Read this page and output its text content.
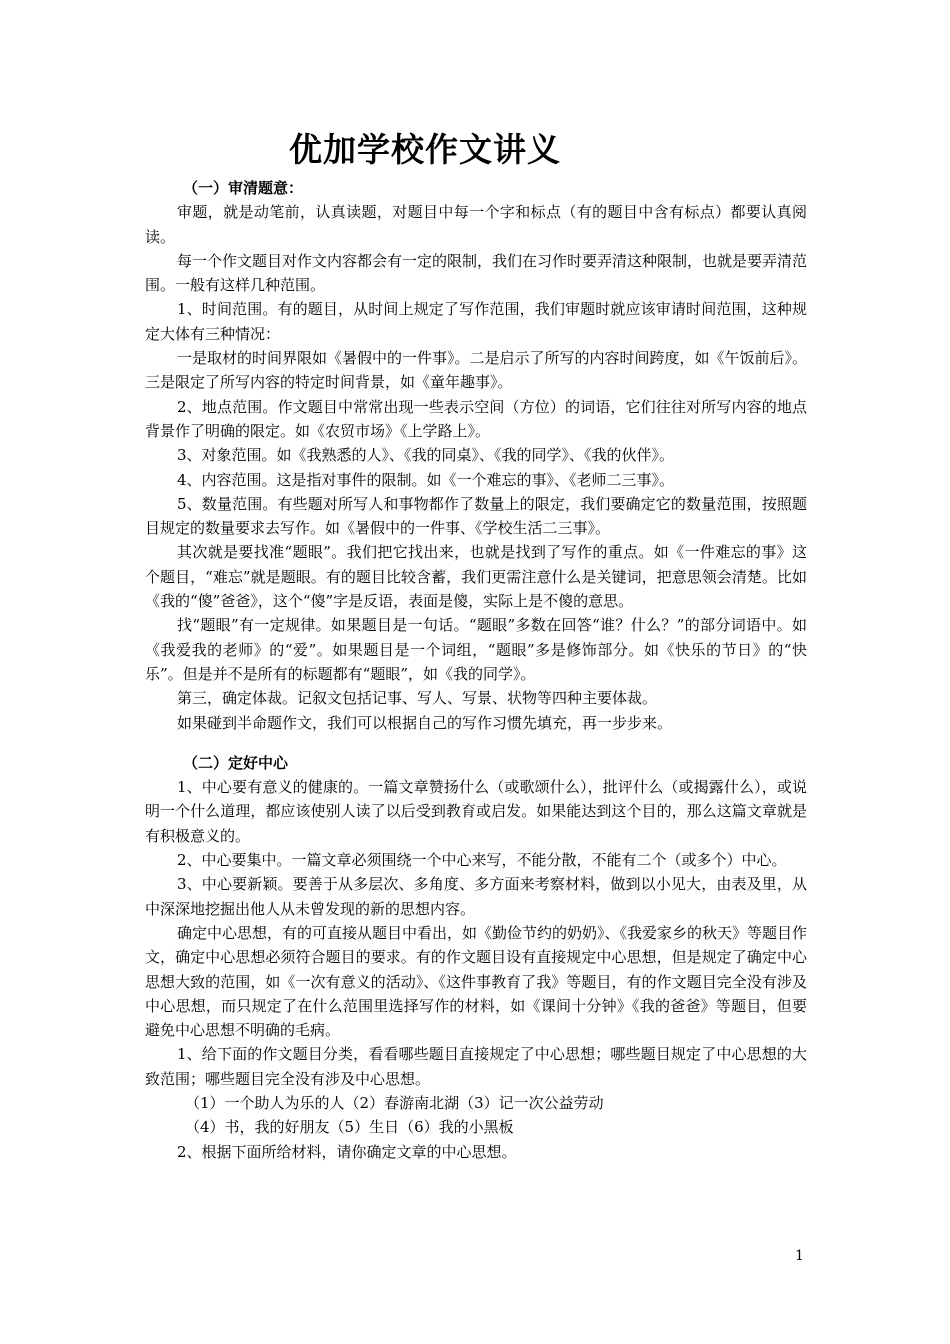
优加学校作文讲义

（一）审清题意：

审题，就是动笔前，认真读题，对题目中每一个字和标点（有的题目中含有标点）都要认真阅读。

每一个作文题目对作文内容都会有一定的限制，我们在习作时要弄清这种限制，也就是要弄清范围。一般有这样几种范围。

1、时间范围。有的题目，从时间上规定了写作范围，我们审题时就应该审请时间范围，这种规定大体有三种情况：

一是取材的时间界限如《暑假中的一件事》。二是启示了所写的内容时间跨度，如《午饭前后》。三是限定了所写内容的特定时间背景，如《童年趣事》。

2、地点范围。作文题目中常常出现一些表示空间（方位）的词语，它们往往对所写内容的地点背景作了明确的限定。如《农贸市场》《上学路上》。

3、对象范围。如《我熟悉的人》、《我的同桌》、《我的同学》、《我的伙伴》。

4、内容范围。这是指对事件的限制。如《一个难忘的事》、《老师二三事》。

5、数量范围。有些题对所写人和事物都作了数量上的限定，我们要确定它的数量范围，按照题目规定的数量要求去写作。如《暑假中的一件事、《学校生活二三事》。

其次就是要找准“题眼”。我们把它找出来，也就是找到了写作的重点。如《一件难忘的事》这个题目，“难忘”就是题眼。有的题目比较含蓄，我们更需注意什么是关键词，把意思领会清楚。比如《我的“傻”爸爸》，这个“傻”字是反语，表面是傻，实际上是不傻的意思。

找“题眼”有一定规律。如果题目是一句话。“题眼”多数在回答“谁？什么？”的部分词语中。如《我爱我的老师》的“爱”。如果题目是一个词组，“题眼”多是修饰部分。如《快乐的节日》的“快乐”。但是并不是所有的标题都有“题眼”，如《我的同学》。

第三，确定体裁。记叙文包括记事、写人、写景、状物等四种主要体裁。

如果碰到半命题作文，我们可以根据自己的写作习惯先填充，再一步步来。

（二）定好中心

1、中心要有意义的健康的。一篇文章赞扬什么（或歌颂什么），批评什么（或揭露什么），或说明一个什么道理，都应该使别人读了以后受到教育或启发。如果能达到这个目的，那么这篇文章就是有积极意义的。

2、中心要集中。一篇文章必须围绕一个中心来写，不能分散，不能有二个（或多个）中心。

3、中心要新颖。要善于从多层次、多角度、多方面来考察材料，做到以小见大，由表及里，从中深深地挖掘出他人从未曾发现的新的思想内容。

确定中心思想，有的可直接从题目中看出，如《勤俭节约的奶奶》、《我爱家乡的秋天》等题目作文，确定中心思想必须符合题目的要求。有的作文题目设有直接规定中心思想，但是规定了确定中心思想大致的范围，如《一次有意义的活动》、《这件事教育了我》等题目，有的作文题目完全没有涉及中心思想，而只规定了在什么范围里选择写作的材料，如《课间十分钟》《我的爸爸》等题目，但要避免中心思想不明确的毛病。

1、给下面的作文题目分类，看看哪些题目直接规定了中心思想；哪些题目规定了中心思想的大致范围；哪些题目完全没有涉及中心思想。

（1）一个助人为乐的人（2）春游南北湖（3）记一次公益劳动

（4）书，我的好朋友（5）生日（6）我的小黑板

2、根据下面所给材料，请你确定文章的中心思想。

1
